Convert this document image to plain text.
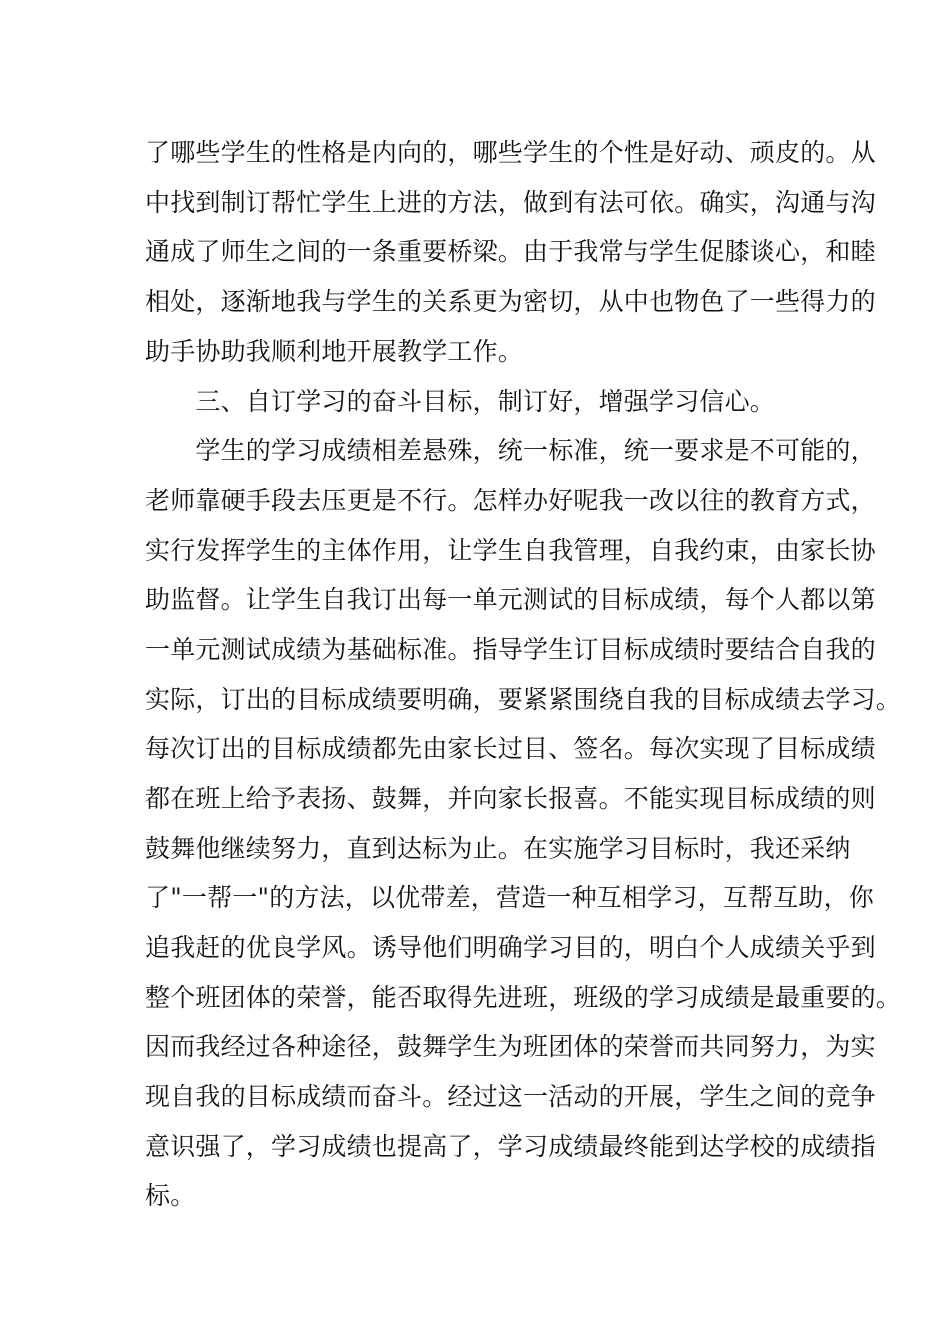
了哪些学生的性格是内向的，哪些学生的个性是好动、顽皮的。从
中找到制订帮忙学生上进的方法，做到有法可依。确实，沟通与沟
通成了师生之间的一条重要桥梁。由于我常与学生促膝谈心，和睦
相处，逐渐地我与学生的关系更为密切，从中也物色了一些得力的
助手协助我顺利地开展教学工作。
　　三、自订学习的奋斗目标，制订好，增强学习信心。
　　学生的学习成绩相差悬殊，统一标准，统一要求是不可能的，
老师靠硬手段去压更是不行。怎样办好呢我一改以往的教育方式，
实行发挥学生的主体作用，让学生自我管理，自我约束，由家长协
助监督。让学生自我订出每一单元测试的目标成绩，每个人都以第
一单元测试成绩为基础标准。指导学生订目标成绩时要结合自我的
实际，订出的目标成绩要明确，要紧紧围绕自我的目标成绩去学习。
每次订出的目标成绩都先由家长过目、签名。每次实现了目标成绩
都在班上给予表扬、鼓舞，并向家长报喜。不能实现目标成绩的则
鼓舞他继续努力，直到达标为止。在实施学习目标时，我还采纳
了"一帮一"的方法，以优带差，营造一种互相学习，互帮互助，你
追我赶的优良学风。诱导他们明确学习目的，明白个人成绩关乎到
整个班团体的荣誉，能否取得先进班，班级的学习成绩是最重要的。
因而我经过各种途径，鼓舞学生为班团体的荣誉而共同努力，为实
现自我的目标成绩而奋斗。经过这一活动的开展，学生之间的竞争
意识强了，学习成绩也提高了，学习成绩最终能到达学校的成绩指
标。
